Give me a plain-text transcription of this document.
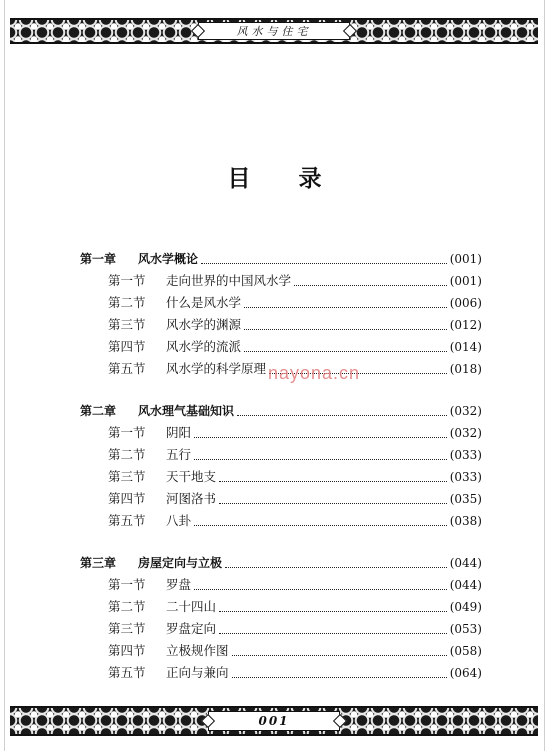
风水与住宅
目录
第一章	风水学概论	(001)
第一节	走向世界的中国风水学	(001)
第二节	什么是风水学	(006)
第三节	风水学的渊源	(012)
第四节	风水学的流派	(014)
第五节	风水学的科学原理	(018)
第二章	风水理气基础知识	(032)
第一节	阴阳	(032)
第二节	五行	(033)
第三节	天干地支	(033)
第四节	河图洛书	(035)
第五节	八卦	(038)
第三章	房屋定向与立极	(044)
第一节	罗盘	(044)
第二节	二十四山	(049)
第三节	罗盘定向	(053)
第四节	立极规作图	(058)
第五节	正向与兼向	(064)
nayona.cn
001
